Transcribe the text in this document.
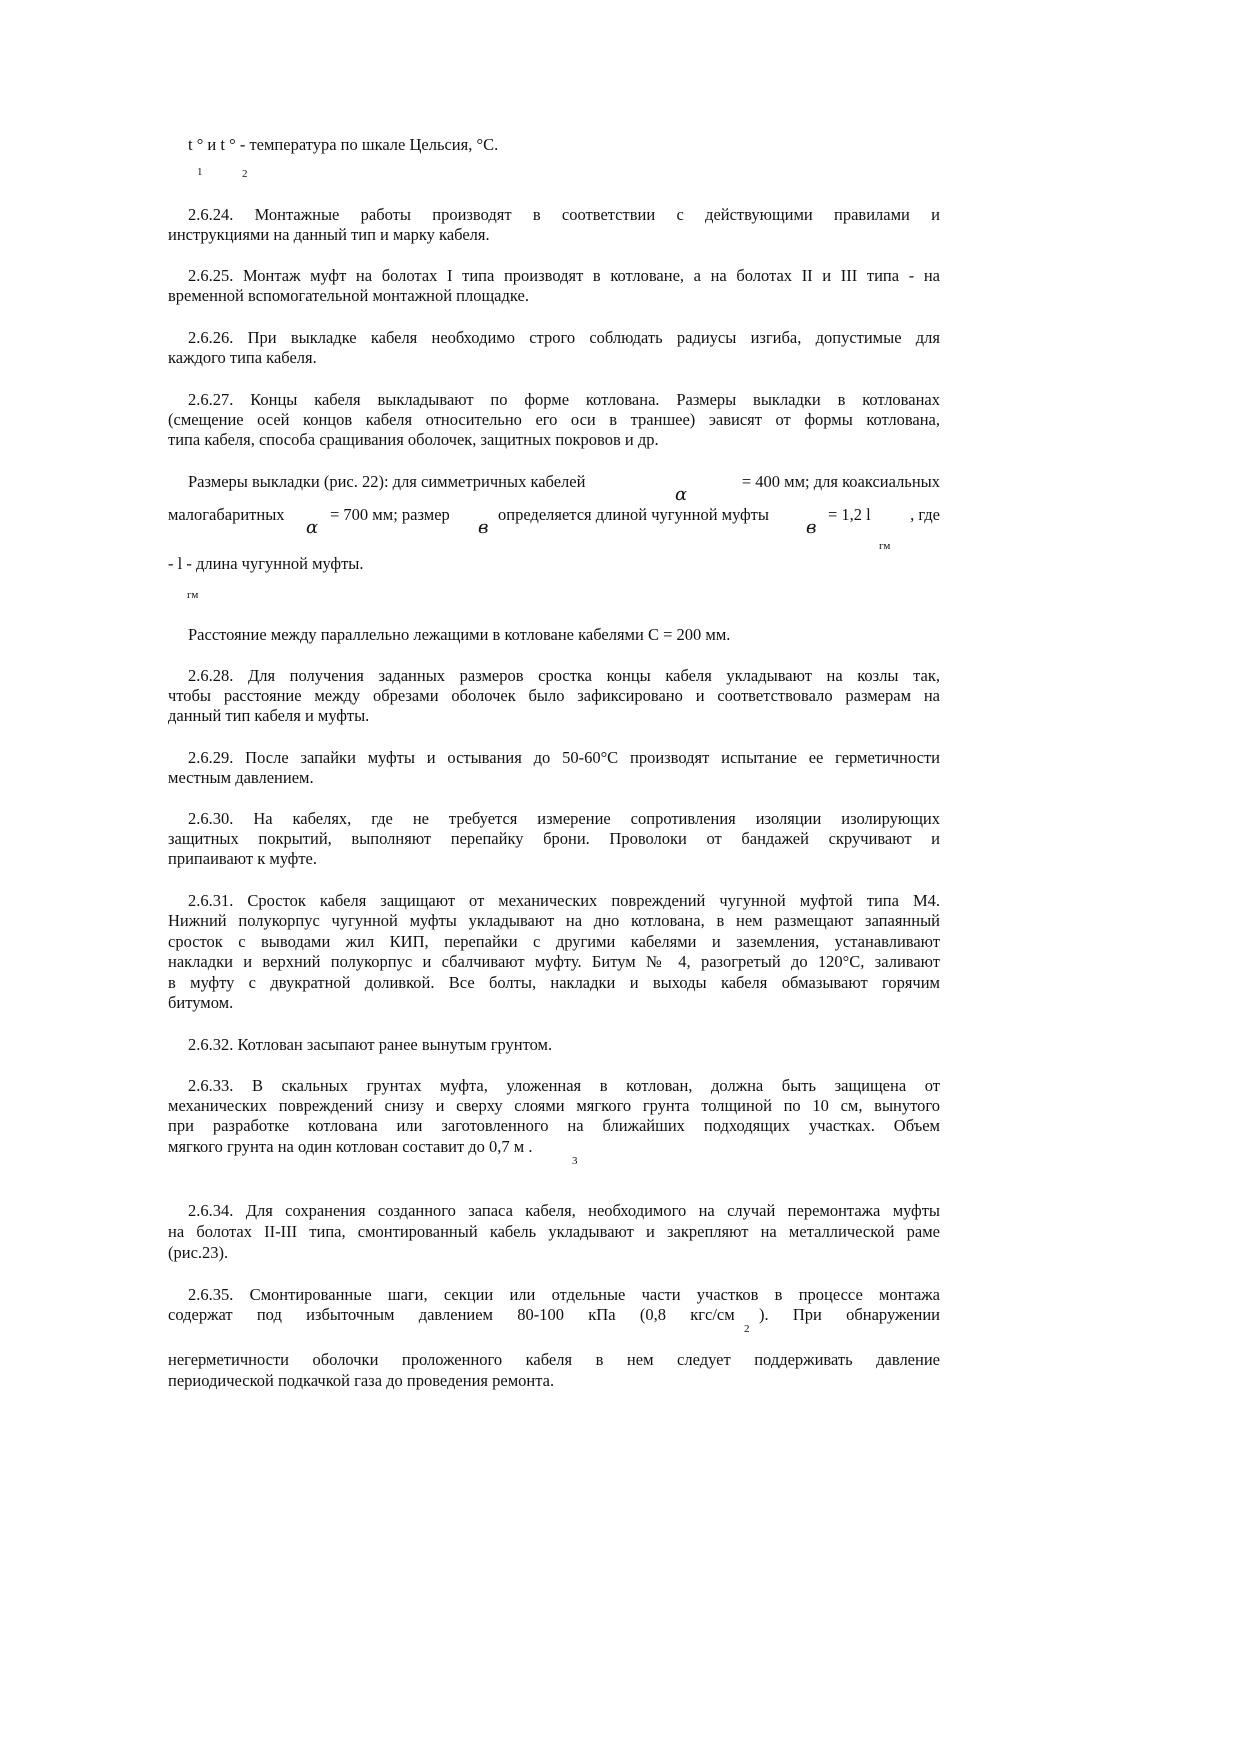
t ° и t ° - температура по шкале Цельсия, °С.
1	2
2.6.24. Монтажные работы производят в соответствии с действующими правилами и
инструкциями на данный тип и марку кабеля.
2.6.25. Монтаж муфт на болотах I типа производят в котловане, а на болотах II и III типа - на
временной вспомогательной монтажной площадке.
2.6.26. При выкладке кабеля необходимо строго соблюдать радиусы изгиба, допустимые для
каждого типа кабеля.
2.6.27. Концы кабеля выкладывают по форме котлована. Размеры выкладки в котлованах
(смещение осей концов кабеля относительно его оси в траншее) эависят от формы котлована,
типа кабеля, способа сращивания оболочек, защитных покровов и др.
Размеры выкладки (рис. 22): для симметричных кабелей
α
= 400 мм; для коаксиальных
малогабаритных
α
= 700 мм; размер
в
определяется длиной чугунной муфты
в
= 1,2 l	, где
гм
- l - длина чугунной муфты.
гм
Расстояние между параллельно лежащими в котловане кабелями С = 200 мм.
2.6.28. Для получения заданных размеров сростка концы кабеля укладывают на козлы так,
чтобы расстояние между обрезами оболочек было зафиксировано и соответствовало размерам на
данный тип кабеля и муфты.
2.6.29. После запайки муфты и остывания до 50-60°С производят испытание ее герметичности
местным давлением.
2.6.30. На кабелях, где не требуется измерение сопротивления изоляции изолирующих
защитных покрытий, выполняют перепайку брони. Проволоки от бандажей скручивают и
припаивают к муфте.
2.6.31. Сросток кабеля защищают от механических повреждений чугунной муфтой типа М4.
Нижний полукорпус чугунной муфты укладывают на дно котлована, в нем размещают запаянный
сросток с выводами жил КИП, перепайки с другими кабелями и заземления, устанавливают
накладки и верхний полукорпус и сбалчивают муфту. Битум № 4, разогретый до 120°С, заливают
в муфту с двукратной доливкой. Все болты, накладки и выходы кабеля обмазывают горячим
битумом.
2.6.32. Котлован засыпают ранее вынутым грунтом.
2.6.33. В скальных грунтах муфта, уложенная в котлован, должна быть защищена от
механических повреждений снизу и сверху слоями мягкого грунта толщиной по 10 см, вынутого
при разработке котлована или заготовленного на ближайших подходящих участках. Объем
мягкого грунта на один котлован составит до 0,7 м .
3
2.6.34. Для сохранения созданного запаса кабеля, необходимого на случай перемонтажа муфты
на болотах II-III типа, смонтированный кабель укладывают и закрепляют на металлической раме
(рис.23).
2.6.35. Смонтированные шаги, секции или отдельные части участков в процессе монтажа
содержат под избыточным давлением 80-100 кПа (0,8 кгс/см ). При обнаружении
2
негерметичности оболочки проложенного кабеля в нем следует поддерживать давление
периодической подкачкой газа до проведения ремонта.
